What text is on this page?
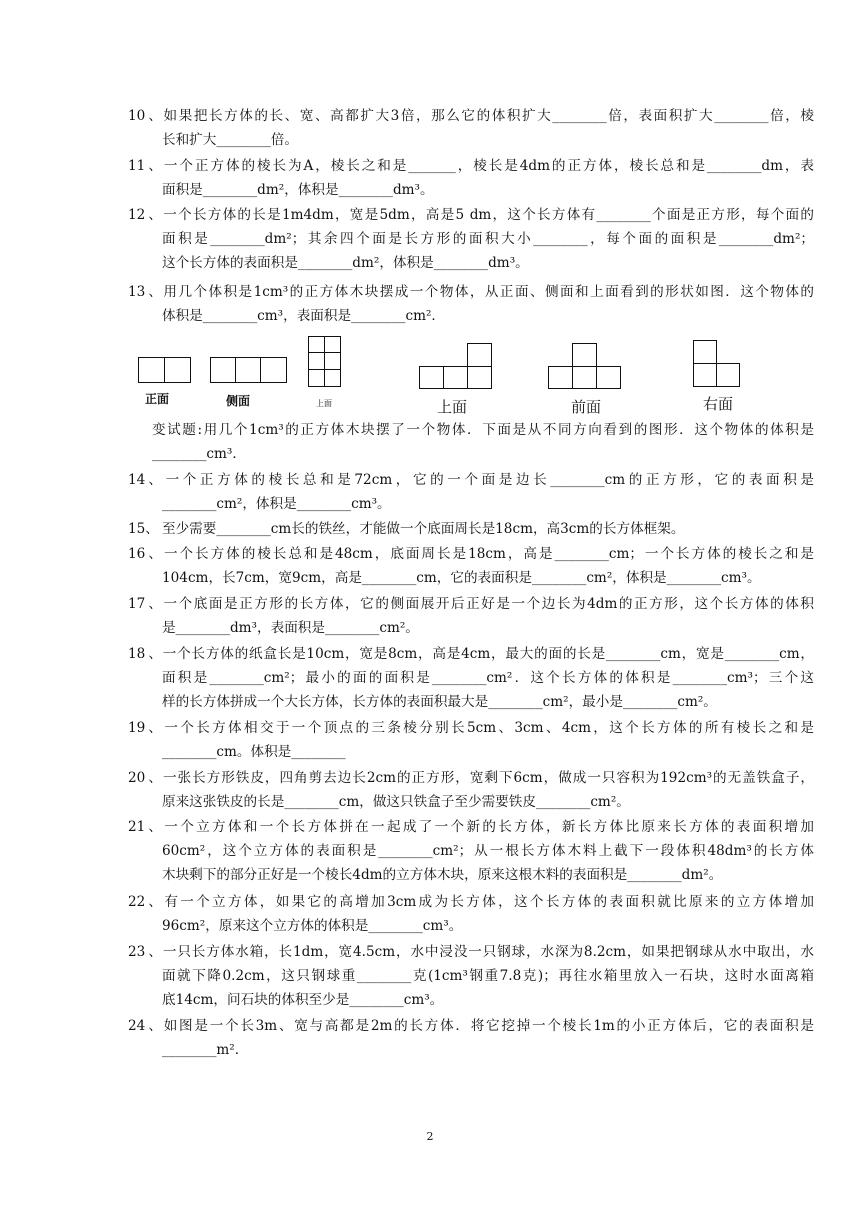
10、如果把长方体的长、宽、高都扩大3倍，那么它的体积扩大________倍，表面积扩大________倍，棱
长和扩大________倍。
11、一个正方体的棱长为A，棱长之和是_______，棱长是4dm的正方体，棱长总和是________dm，表
面积是________dm²，体积是________dm³。
12、一个长方体的长是1m4dm，宽是5dm，高是5 dm，这个长方体有________个面是正方形，每个面的
面积是________dm²；其余四个面是长方形的面积大小________，每个面的面积是________dm²；
这个长方体的表面积是________dm²，体积是________dm³。
13、用几个体积是1cm³的正方体木块摆成一个物体，从正面、侧面和上面看到的形状如图．这个物体的
体积是________cm³，表面积是________cm²．
正面	侧面	上面	上面	前面	右面
变试题:用几个1cm³的正方体木块摆了一个物体．下面是从不同方向看到的图形．这个物体的体积是
________cm³．
14、一个正方体的棱长总和是72cm，它的一个面是边长________cm的正方形，它的表面积是
________cm²，体积是________cm³。
15、 至少需要________cm长的铁丝，才能做一个底面周长是18cm，高3cm的长方体框架。
16、一个长方体的棱长总和是48cm，底面周长是18cm，高是________cm；一个长方体的棱长之和是
104cm，长7cm，宽9cm，高是________cm，它的表面积是________cm²，体积是________cm³。
17、一个底面是正方形的长方体，它的侧面展开后正好是一个边长为4dm的正方形，这个长方体的体积
是________dm³，表面积是________cm²。
18、一个长方体的纸盒长是10cm，宽是8cm，高是4cm，最大的面的长是________cm，宽是________cm，
面积是________cm²；最小的面的面积是________cm²．这个长方体的体积是________cm³；三个这
样的长方体拼成一个大长方体，长方体的表面积最大是________cm²，最小是________cm²。
19、一个长方体相交于一个顶点的三条棱分别长5cm、3cm、4cm，这个长方体的所有棱长之和是
________cm。体积是________
20、一张长方形铁皮，四角剪去边长2cm的正方形，宽剩下6cm，做成一只容积为192cm³的无盖铁盒子，
原来这张铁皮的长是________cm，做这只铁盒子至少需要铁皮________cm²。
21、一个立方体和一个长方体拼在一起成了一个新的长方体，新长方体比原来长方体的表面积增加
60cm²，这个立方体的表面积是________cm²；从一根长方体木料上截下一段体积48dm³的长方体
木块剩下的部分正好是一个棱长4dm的立方体木块，原来这根木料的表面积是________dm²。
22、有一个立方体，如果它的高增加3cm成为长方体，这个长方体的表面积就比原来的立方体增加
96cm²，原来这个立方体的体积是________cm³。
23、一只长方体水箱，长1dm，宽4.5cm，水中浸没一只钢球，水深为8.2cm，如果把钢球从水中取出，水
面就下降0.2cm，这只钢球重________克(1cm³钢重7.8克)；再往水箱里放入一石块，这时水面离箱
底14cm，问石块的体积至少是________cm³。
24、如图是一个长3m、宽与高都是2m的长方体．将它挖掉一个棱长1m的小正方体后，它的表面积是
________m²．
2
